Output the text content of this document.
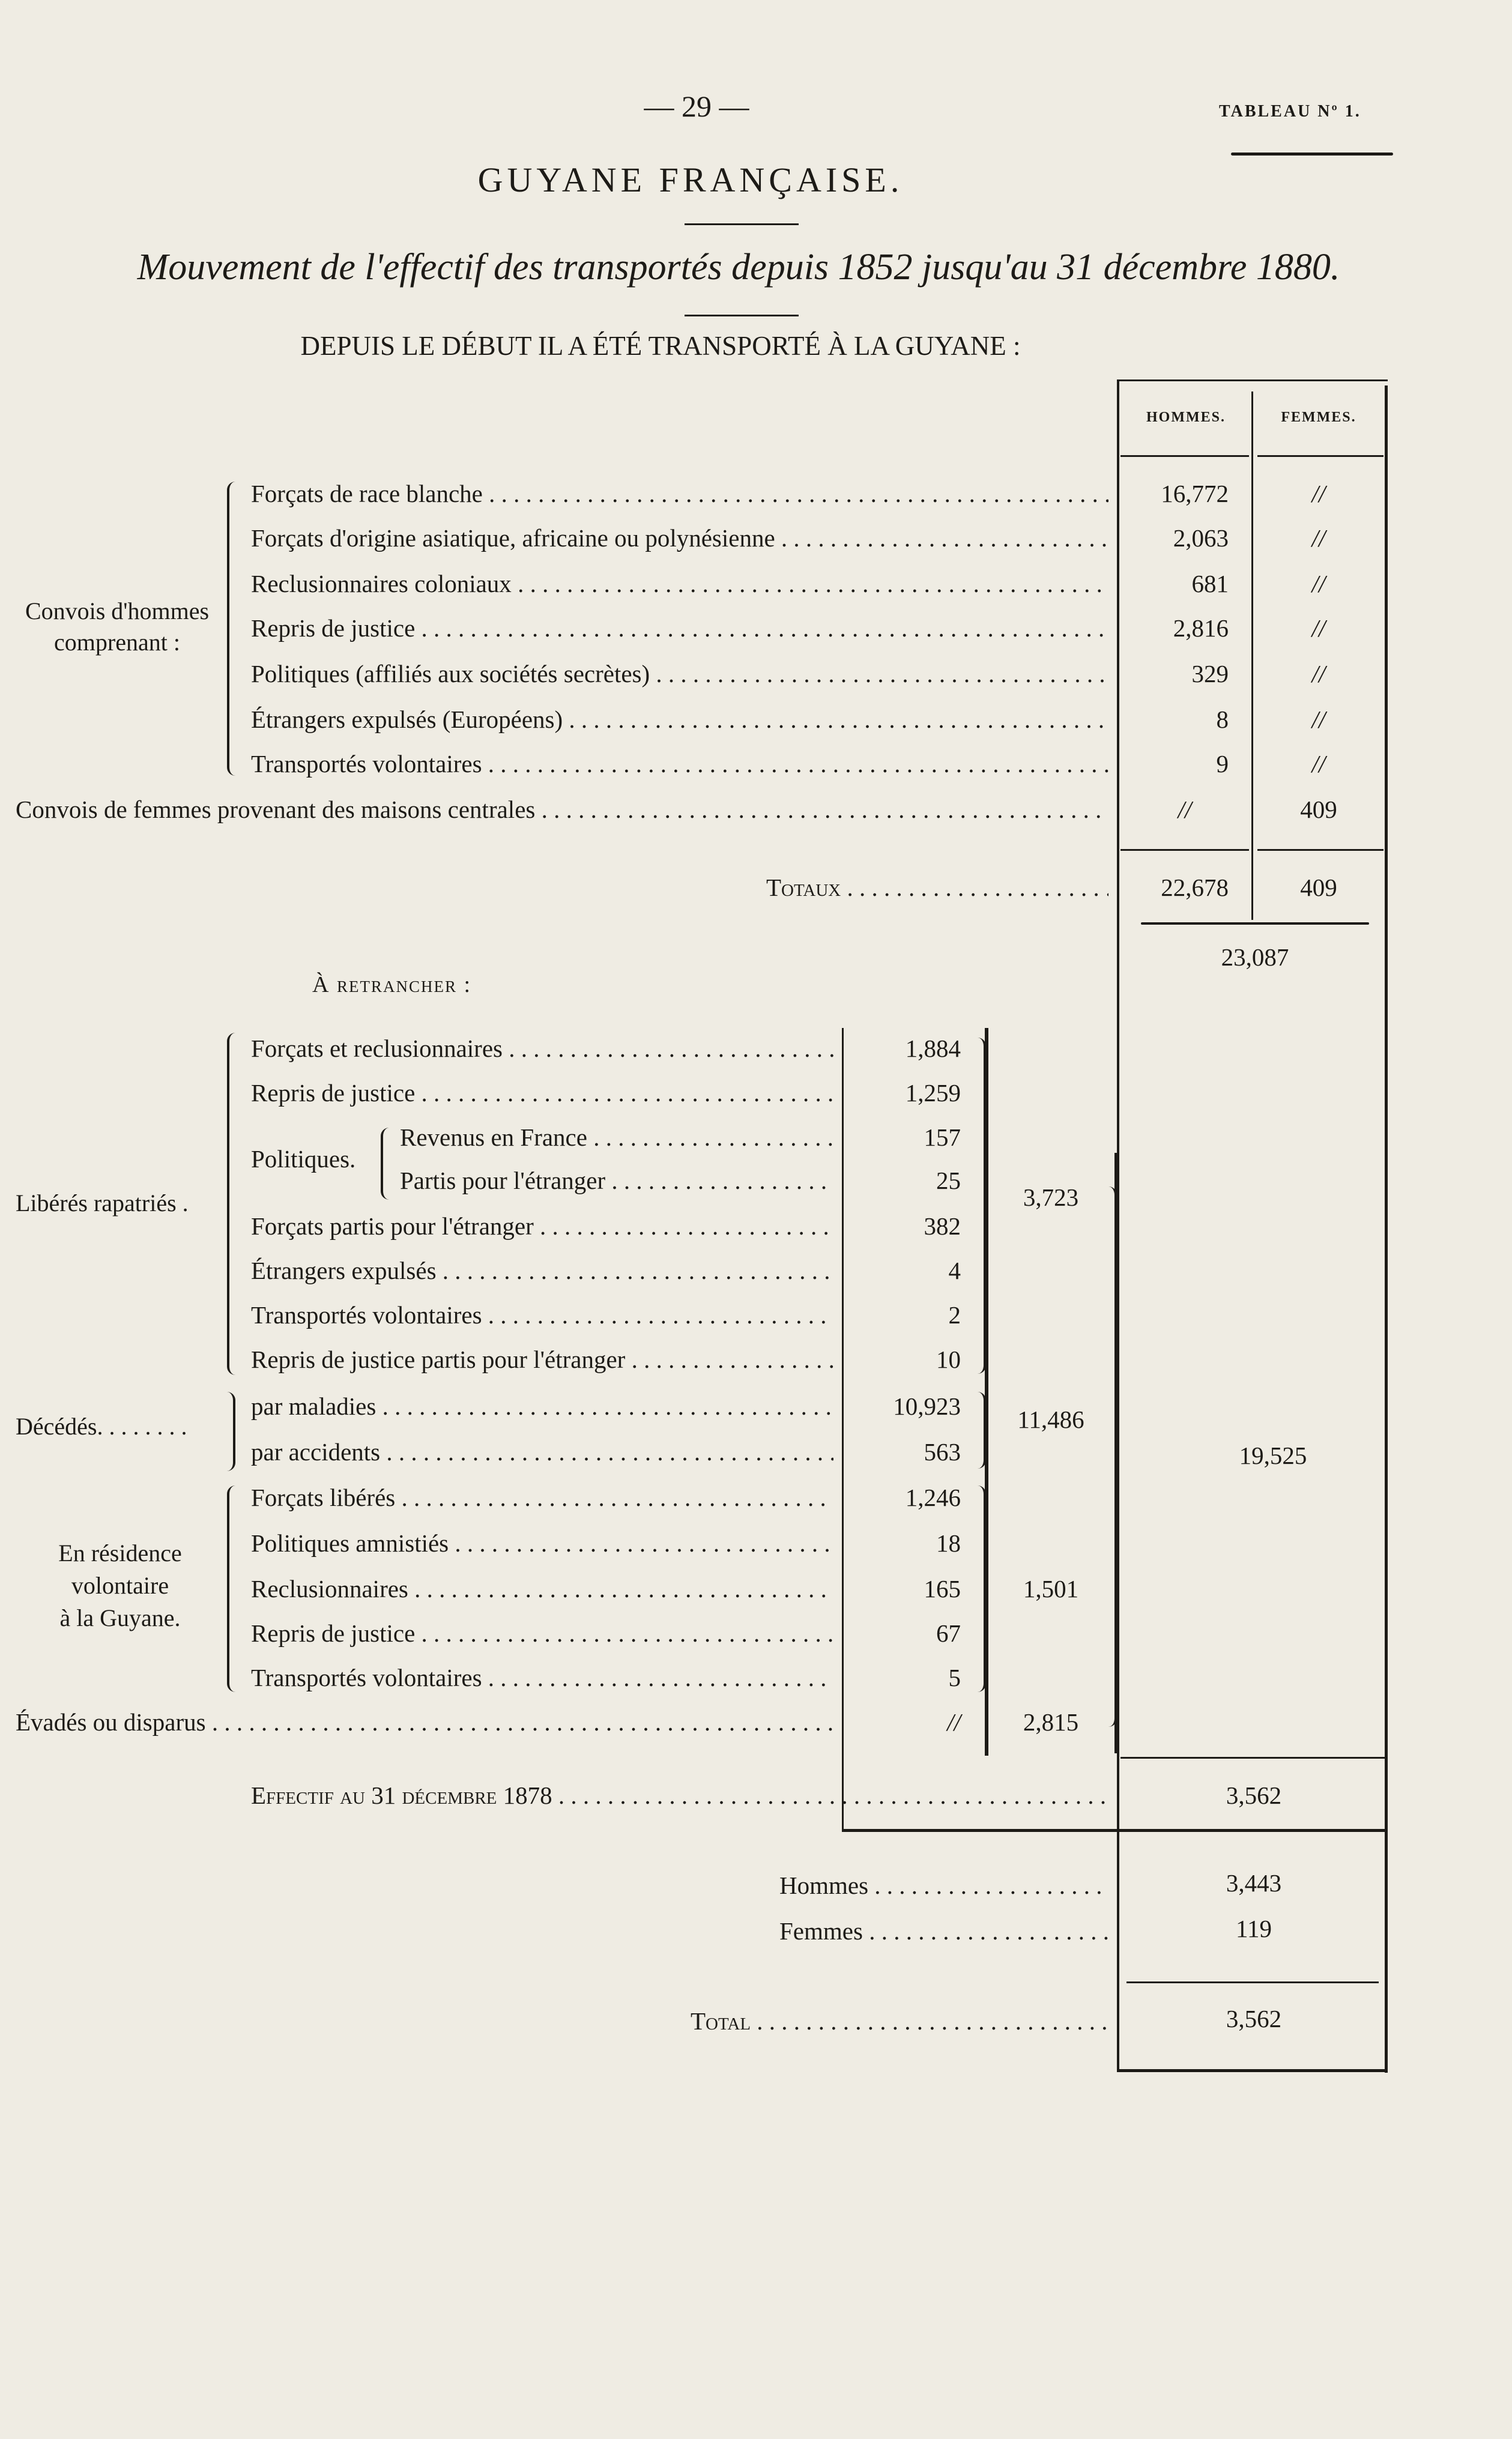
— 29 —	TABLEAU Nº 1.
GUYANE FRANÇAISE.
Mouvement de l'effectif des transportés depuis 1852 jusqu'au 31 décembre 1880.
DEPUIS LE DÉBUT IL A ÉTÉ TRANSPORTÉ À LA GUYANE :
HOMMES.	FEMMES.
Convois d'hommes
comprenant :
Forçats de race blanche . . .	16,772	//
Forçats d'origine asiatique, africaine ou polynésienne . . .	2,063	//
Reclusionnaires coloniaux . . .	681	//
Repris de justice . . .	2,816	//
Politiques (affiliés aux sociétés secrètes) . . .	329	//
Étrangers expulsés (Européens) . . .	8	//
Transportés volontaires . . .	9	//
Convois de femmes provenant des maisons centrales . . .	//	409
Totaux . . .	22,678	409
23,087
À retrancher :
Libérés rapatriés .
Forçats et reclusionnaires . . .	1,884
Repris de justice . . .	1,259
Politiques.
Revenus en France . . .	157
Partis pour l'étranger . . .	25
Forçats partis pour l'étranger . . .	382
Étrangers expulsés . . .	4
Transportés volontaires . . .	2
Repris de justice partis pour l'étranger . . .	10
3,723
Décédés. . . . . . . .
par maladies . . .	10,923
par accidents . . .	563
11,486
En résidence
volontaire
à la Guyane.
Forçats libérés . . .	1,246
Politiques amnistiés . . .	18
Reclusionnaires . . .	165
Repris de justice . . .	67
Transportés volontaires . . .	5
1,501
Évadés ou disparus . . .	//	2,815
19,525
Effectif au 31 décembre 1878 . . .	3,562
Hommes . . .	3,443
Femmes . . .	119
Total . . .	3,562
